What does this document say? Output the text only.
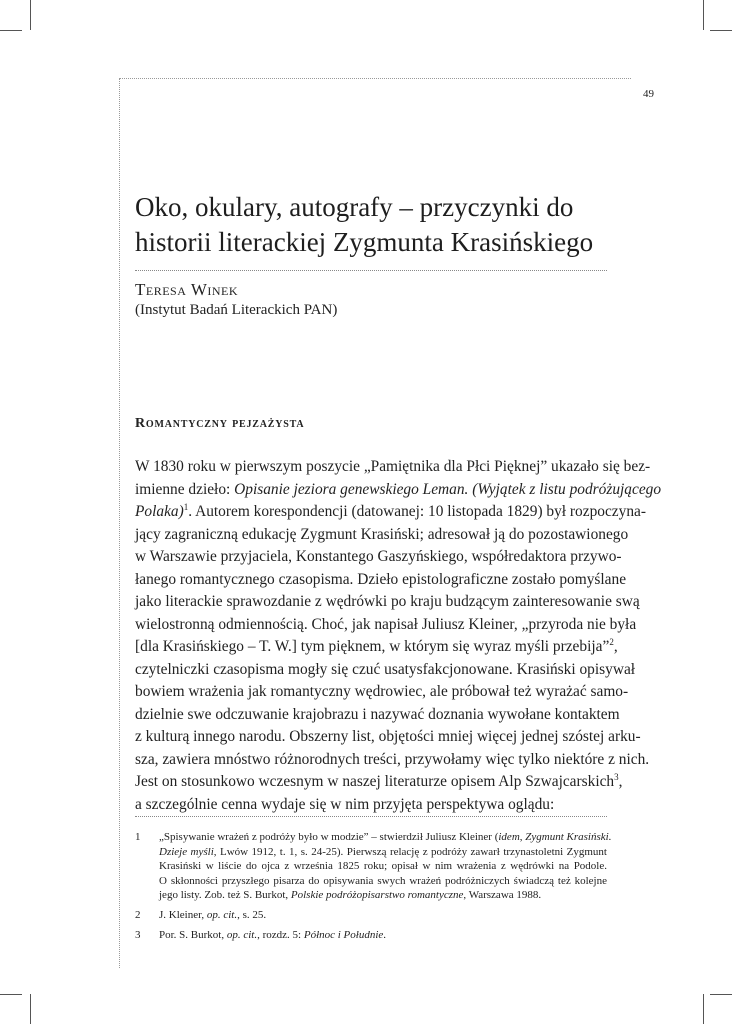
49
Oko, okulary, autografy – przyczynki do
historii literackiej Zygmunta Krasińskiego
Teresa Winek
(Instytut Badań Literackich PAN)
Romantyczny pejzażysta
W 1830 roku w pierwszym poszycie „Pamiętnika dla Płci Pięknej” ukazało się bez-
imienne dzieło: Opisanie jeziora genewskiego Leman. (Wyjątek z listu podróżującego
Polaka)$^1$. Autorem korespondencji (datowanej: 10 listopada 1829) był rozpoczyna-
jący zagraniczną edukację Zygmunt Krasiński; adresował ją do pozostawionego
w Warszawie przyjaciela, Konstantego Gaszyńskiego, współredaktora przywo-
łanego romantycznego czasopisma. Dzieło epistolograficzne zostało pomyślane
jako literackie sprawozdanie z wędrówki po kraju budzącym zainteresowanie swą
wielostronną odmiennością. Choć, jak napisał Juliusz Kleiner, „przyroda nie była
[dla Krasińskiego – T. W.] tym pięknem, w którym się wyraz myśli przebija”$^2$,
czytelniczki czasopisma mogły się czuć usatysfakcjonowane. Krasiński opisywał
bowiem wrażenia jak romantyczny wędrowiec, ale próbował też wyrażać samo-
dzielnie swe odczuwanie krajobrazu i nazywać doznania wywołane kontaktem
z kulturą innego narodu. Obszerny list, objętości mniej więcej jednej szóstej arku-
sza, zawiera mnóstwo różnorodnych treści, przywołamy więc tylko niektóre z nich.
Jest on stosunkowo wczesnym w naszej literaturze opisem Alp Szwajcarskich$^3$,
a szczególnie cenna wydaje się w nim przyjęta perspektywa oglądu:
1 „Spisywanie wrażeń z podróży było w modzie” – stwierdził Juliusz Kleiner (idem, Zygmunt Krasiński.
Dzieje myśli, Lwów 1912, t. 1, s. 24-25). Pierwszą relację z podróży zawarł trzynastoletni Zygmunt
Krasiński w liście do ojca z września 1825 roku; opisał w nim wrażenia z wędrówki na Podole.
O skłonności przyszłego pisarza do opisywania swych wrażeń podróżniczych świadczą też kolejne
jego listy. Zob. też S. Burkot, Polskie podróżopisarstwo romantyczne, Warszawa 1988.
2 J. Kleiner, op. cit., s. 25.
3 Por. S. Burkot, op. cit., rozdz. 5: Północ i Południe.
